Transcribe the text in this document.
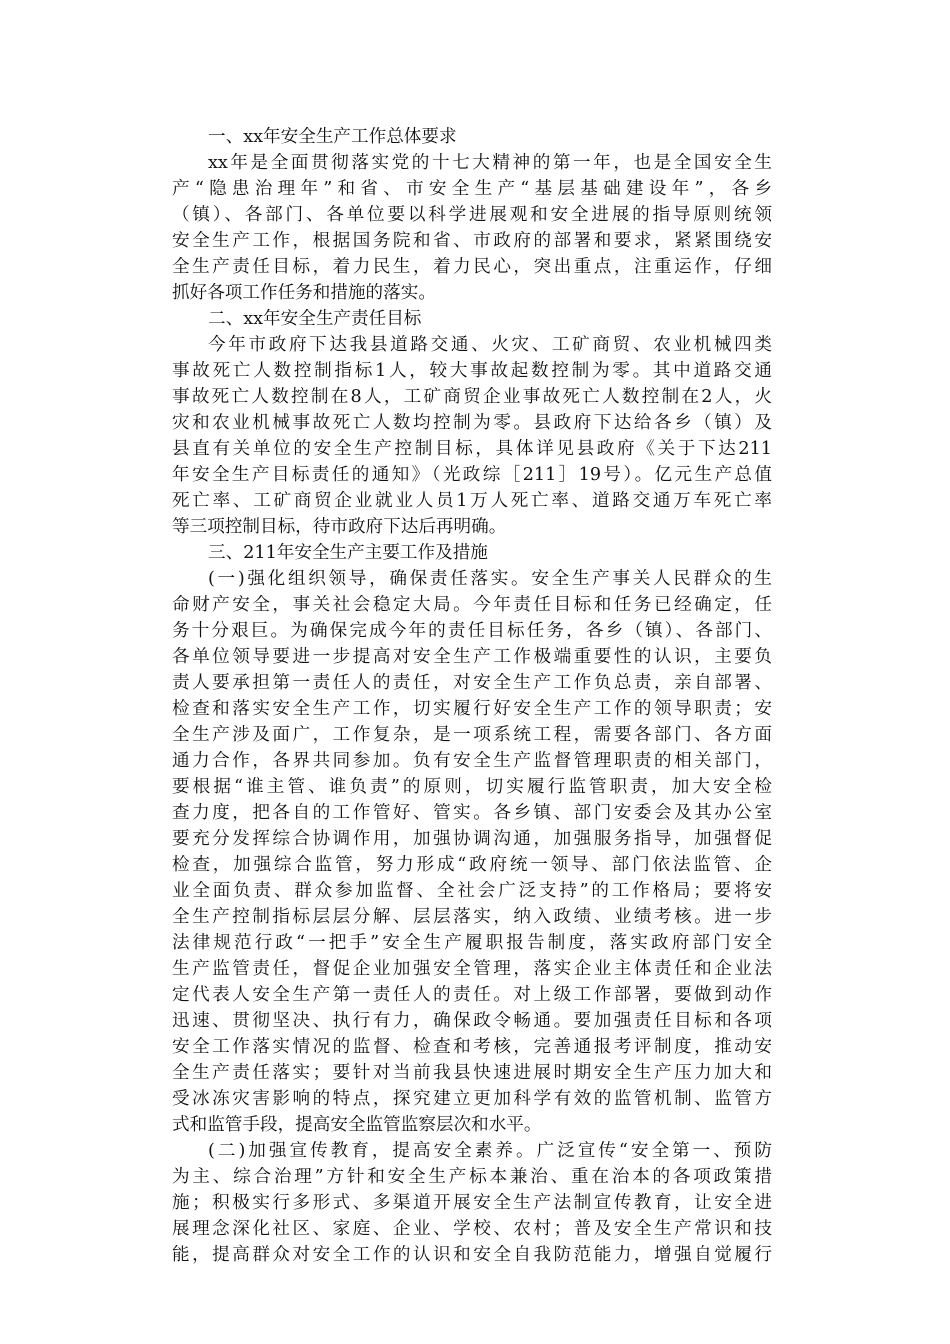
一、xx年安全生产工作总体要求
xx年是全面贯彻落实党的十七大精神的第一年，也是全国安全生
产“隐患治理年”和省、市安全生产“基层基础建设年”，各乡
（镇）、各部门、各单位要以科学进展观和安全进展的指导原则统领
安全生产工作，根据国务院和省、市政府的部署和要求，紧紧围绕安
全生产责任目标，着力民生，着力民心，突出重点，注重运作，仔细
抓好各项工作任务和措施的落实。
二、xx年安全生产责任目标
今年市政府下达我县道路交通、火灾、工矿商贸、农业机械四类
事故死亡人数控制指标1人，较大事故起数控制为零。其中道路交通
事故死亡人数控制在8人，工矿商贸企业事故死亡人数控制在2人，火
灾和农业机械事故死亡人数均控制为零。县政府下达给各乡（镇）及
县直有关单位的安全生产控制目标，具体详见县政府《关于下达211
年安全生产目标责任的通知》（光政综［211］19号）。亿元生产总值
死亡率、工矿商贸企业就业人员1万人死亡率、道路交通万车死亡率
等三项控制目标，待市政府下达后再明确。
三、211年安全生产主要工作及措施
(一)强化组织领导，确保责任落实。安全生产事关人民群众的生
命财产安全，事关社会稳定大局。今年责任目标和任务已经确定，任
务十分艰巨。为确保完成今年的责任目标任务，各乡（镇）、各部门、
各单位领导要进一步提高对安全生产工作极端重要性的认识，主要负
责人要承担第一责任人的责任，对安全生产工作负总责，亲自部署、
检查和落实安全生产工作，切实履行好安全生产工作的领导职责；安
全生产涉及面广，工作复杂，是一项系统工程，需要各部门、各方面
通力合作，各界共同参加。负有安全生产监督管理职责的相关部门，
要根据“谁主管、谁负责”的原则，切实履行监管职责，加大安全检
查力度，把各自的工作管好、管实。各乡镇、部门安委会及其办公室
要充分发挥综合协调作用，加强协调沟通，加强服务指导，加强督促
检查，加强综合监管，努力形成“政府统一领导、部门依法监管、企
业全面负责、群众参加监督、全社会广泛支持”的工作格局；要将安
全生产控制指标层层分解、层层落实，纳入政绩、业绩考核。进一步
法律规范行政“一把手”安全生产履职报告制度，落实政府部门安全
生产监管责任，督促企业加强安全管理，落实企业主体责任和企业法
定代表人安全生产第一责任人的责任。对上级工作部署，要做到动作
迅速、贯彻坚决、执行有力，确保政令畅通。要加强责任目标和各项
安全工作落实情况的监督、检查和考核，完善通报考评制度，推动安
全生产责任落实；要针对当前我县快速进展时期安全生产压力加大和
受冰冻灾害影响的特点，探究建立更加科学有效的监管机制、监管方
式和监管手段，提高安全监管监察层次和水平。
(二)加强宣传教育，提高安全素养。广泛宣传“安全第一、预防
为主、综合治理”方针和安全生产标本兼治、重在治本的各项政策措
施；积极实行多形式、多渠道开展安全生产法制宣传教育，让安全进
展理念深化社区、家庭、企业、学校、农村；普及安全生产常识和技
能，提高群众对安全工作的认识和安全自我防范能力，增强自觉履行
